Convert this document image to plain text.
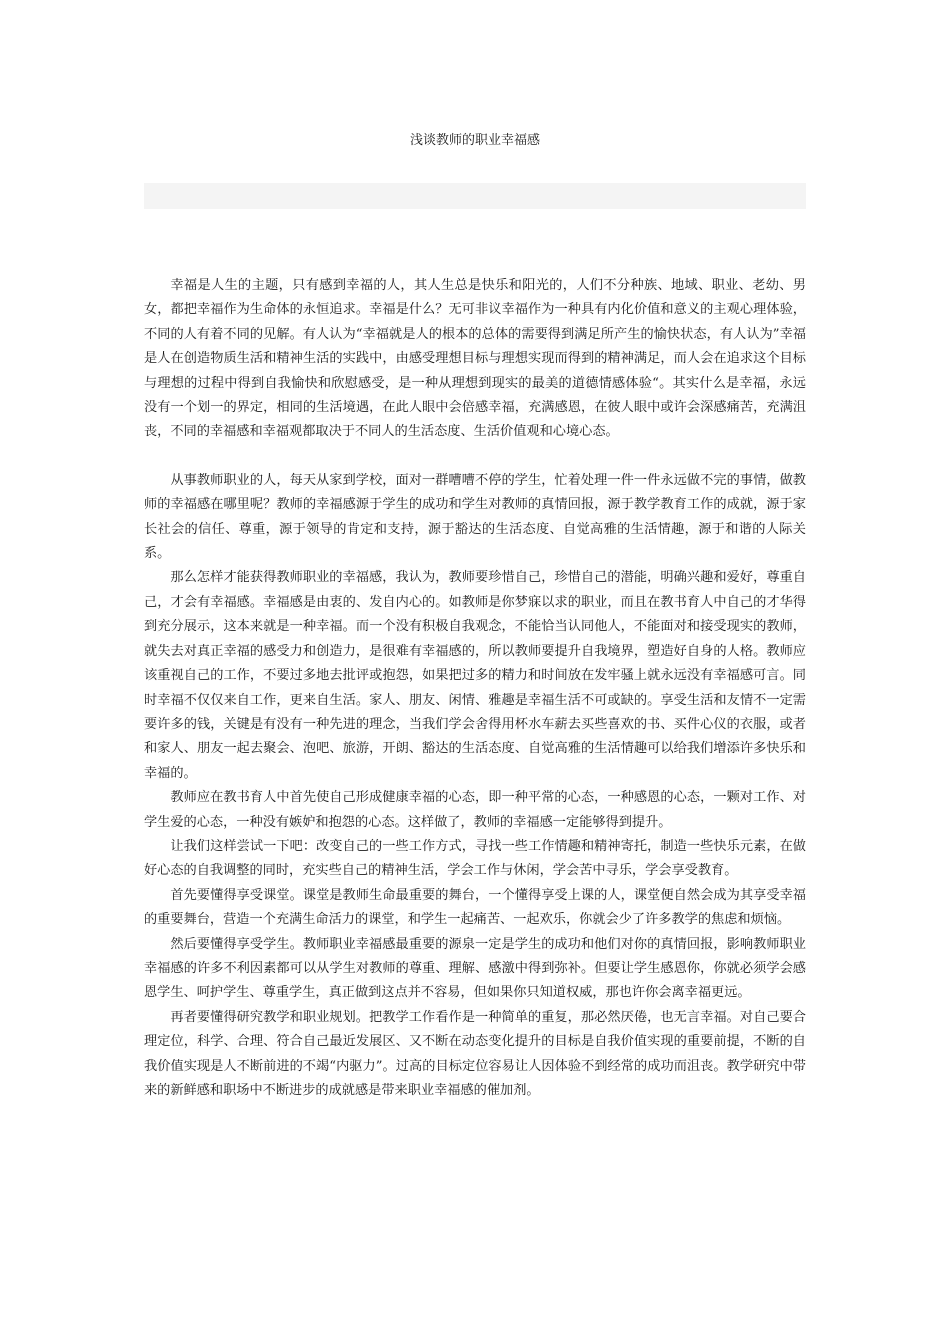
浅谈教师的职业幸福感

幸福是人生的主题，只有感到幸福的人，其人生总是快乐和阳光的，人们不分种族、地域、职业、老幼、男女，都把幸福作为生命体的永恒追求。幸福是什么？无可非议幸福作为一种具有内化价值和意义的主观心理体验，不同的人有着不同的见解。有人认为“幸福就是人的根本的总体的需要得到满足所产生的愉快状态，有人认为”幸福是人在创造物质生活和精神生活的实践中，由感受理想目标与理想实现而得到的精神满足，而人会在追求这个目标与理想的过程中得到自我愉快和欣慰感受，是一种从理想到现实的最美的道德情感体验“。其实什么是幸福，永远没有一个划一的界定，相同的生活境遇，在此人眼中会倍感幸福，充满感恩，在彼人眼中或许会深感痛苦，充满沮丧，不同的幸福感和幸福观都取决于不同人的生活态度、生活价值观和心境心态。

从事教师职业的人，每天从家到学校，面对一群嘈嘈不停的学生，忙着处理一件一件永远做不完的事情，做教师的幸福感在哪里呢？教师的幸福感源于学生的成功和学生对教师的真情回报，源于教学教育工作的成就，源于家长社会的信任、尊重，源于领导的肯定和支持，源于豁达的生活态度、自觉高雅的生活情趣，源于和谐的人际关系。

那么怎样才能获得教师职业的幸福感，我认为，教师要珍惜自己，珍惜自己的潜能，明确兴趣和爱好，尊重自己，才会有幸福感。幸福感是由衷的、发自内心的。如教师是你梦寐以求的职业，而且在教书育人中自己的才华得到充分展示，这本来就是一种幸福。而一个没有积极自我观念，不能恰当认同他人，不能面对和接受现实的教师，就失去对真正幸福的感受力和创造力，是很难有幸福感的，所以教师要提升自我境界，塑造好自身的人格。教师应该重视自己的工作，不要过多地去批评或抱怨，如果把过多的精力和时间放在发牢骚上就永远没有幸福感可言。同时幸福不仅仅来自工作，更来自生活。家人、朋友、闲情、雅趣是幸福生活不可或缺的。享受生活和友情不一定需要许多的钱，关键是有没有一种先进的理念，当我们学会舍得用杯水车薪去买些喜欢的书、买件心仪的衣服，或者和家人、朋友一起去聚会、泡吧、旅游，开朗、豁达的生活态度、自觉高雅的生活情趣可以给我们增添许多快乐和幸福的。

教师应在教书育人中首先使自己形成健康幸福的心态，即一种平常的心态，一种感恩的心态，一颗对工作、对学生爱的心态，一种没有嫉妒和抱怨的心态。这样做了，教师的幸福感一定能够得到提升。

让我们这样尝试一下吧：改变自己的一些工作方式，寻找一些工作情趣和精神寄托，制造一些快乐元素，在做好心态的自我调整的同时，充实些自己的精神生活，学会工作与休闲，学会苦中寻乐，学会享受教育。

首先要懂得享受课堂。课堂是教师生命最重要的舞台，一个懂得享受上课的人，课堂便自然会成为其享受幸福的重要舞台，营造一个充满生命活力的课堂，和学生一起痛苦、一起欢乐，你就会少了许多教学的焦虑和烦恼。

然后要懂得享受学生。教师职业幸福感最重要的源泉一定是学生的成功和他们对你的真情回报，影响教师职业幸福感的许多不利因素都可以从学生对教师的尊重、理解、感激中得到弥补。但要让学生感恩你，你就必须学会感恩学生、呵护学生、尊重学生，真正做到这点并不容易，但如果你只知道权威，那也许你会离幸福更远。

再者要懂得研究教学和职业规划。把教学工作看作是一种简单的重复，那必然厌倦，也无言幸福。对自己要合理定位，科学、合理、符合自己最近发展区、又不断在动态变化提升的目标是自我价值实现的重要前提，不断的自我价值实现是人不断前进的不竭“内驱力”。过高的目标定位容易让人因体验不到经常的成功而沮丧。教学研究中带来的新鲜感和职场中不断进步的成就感是带来职业幸福感的催加剂。
